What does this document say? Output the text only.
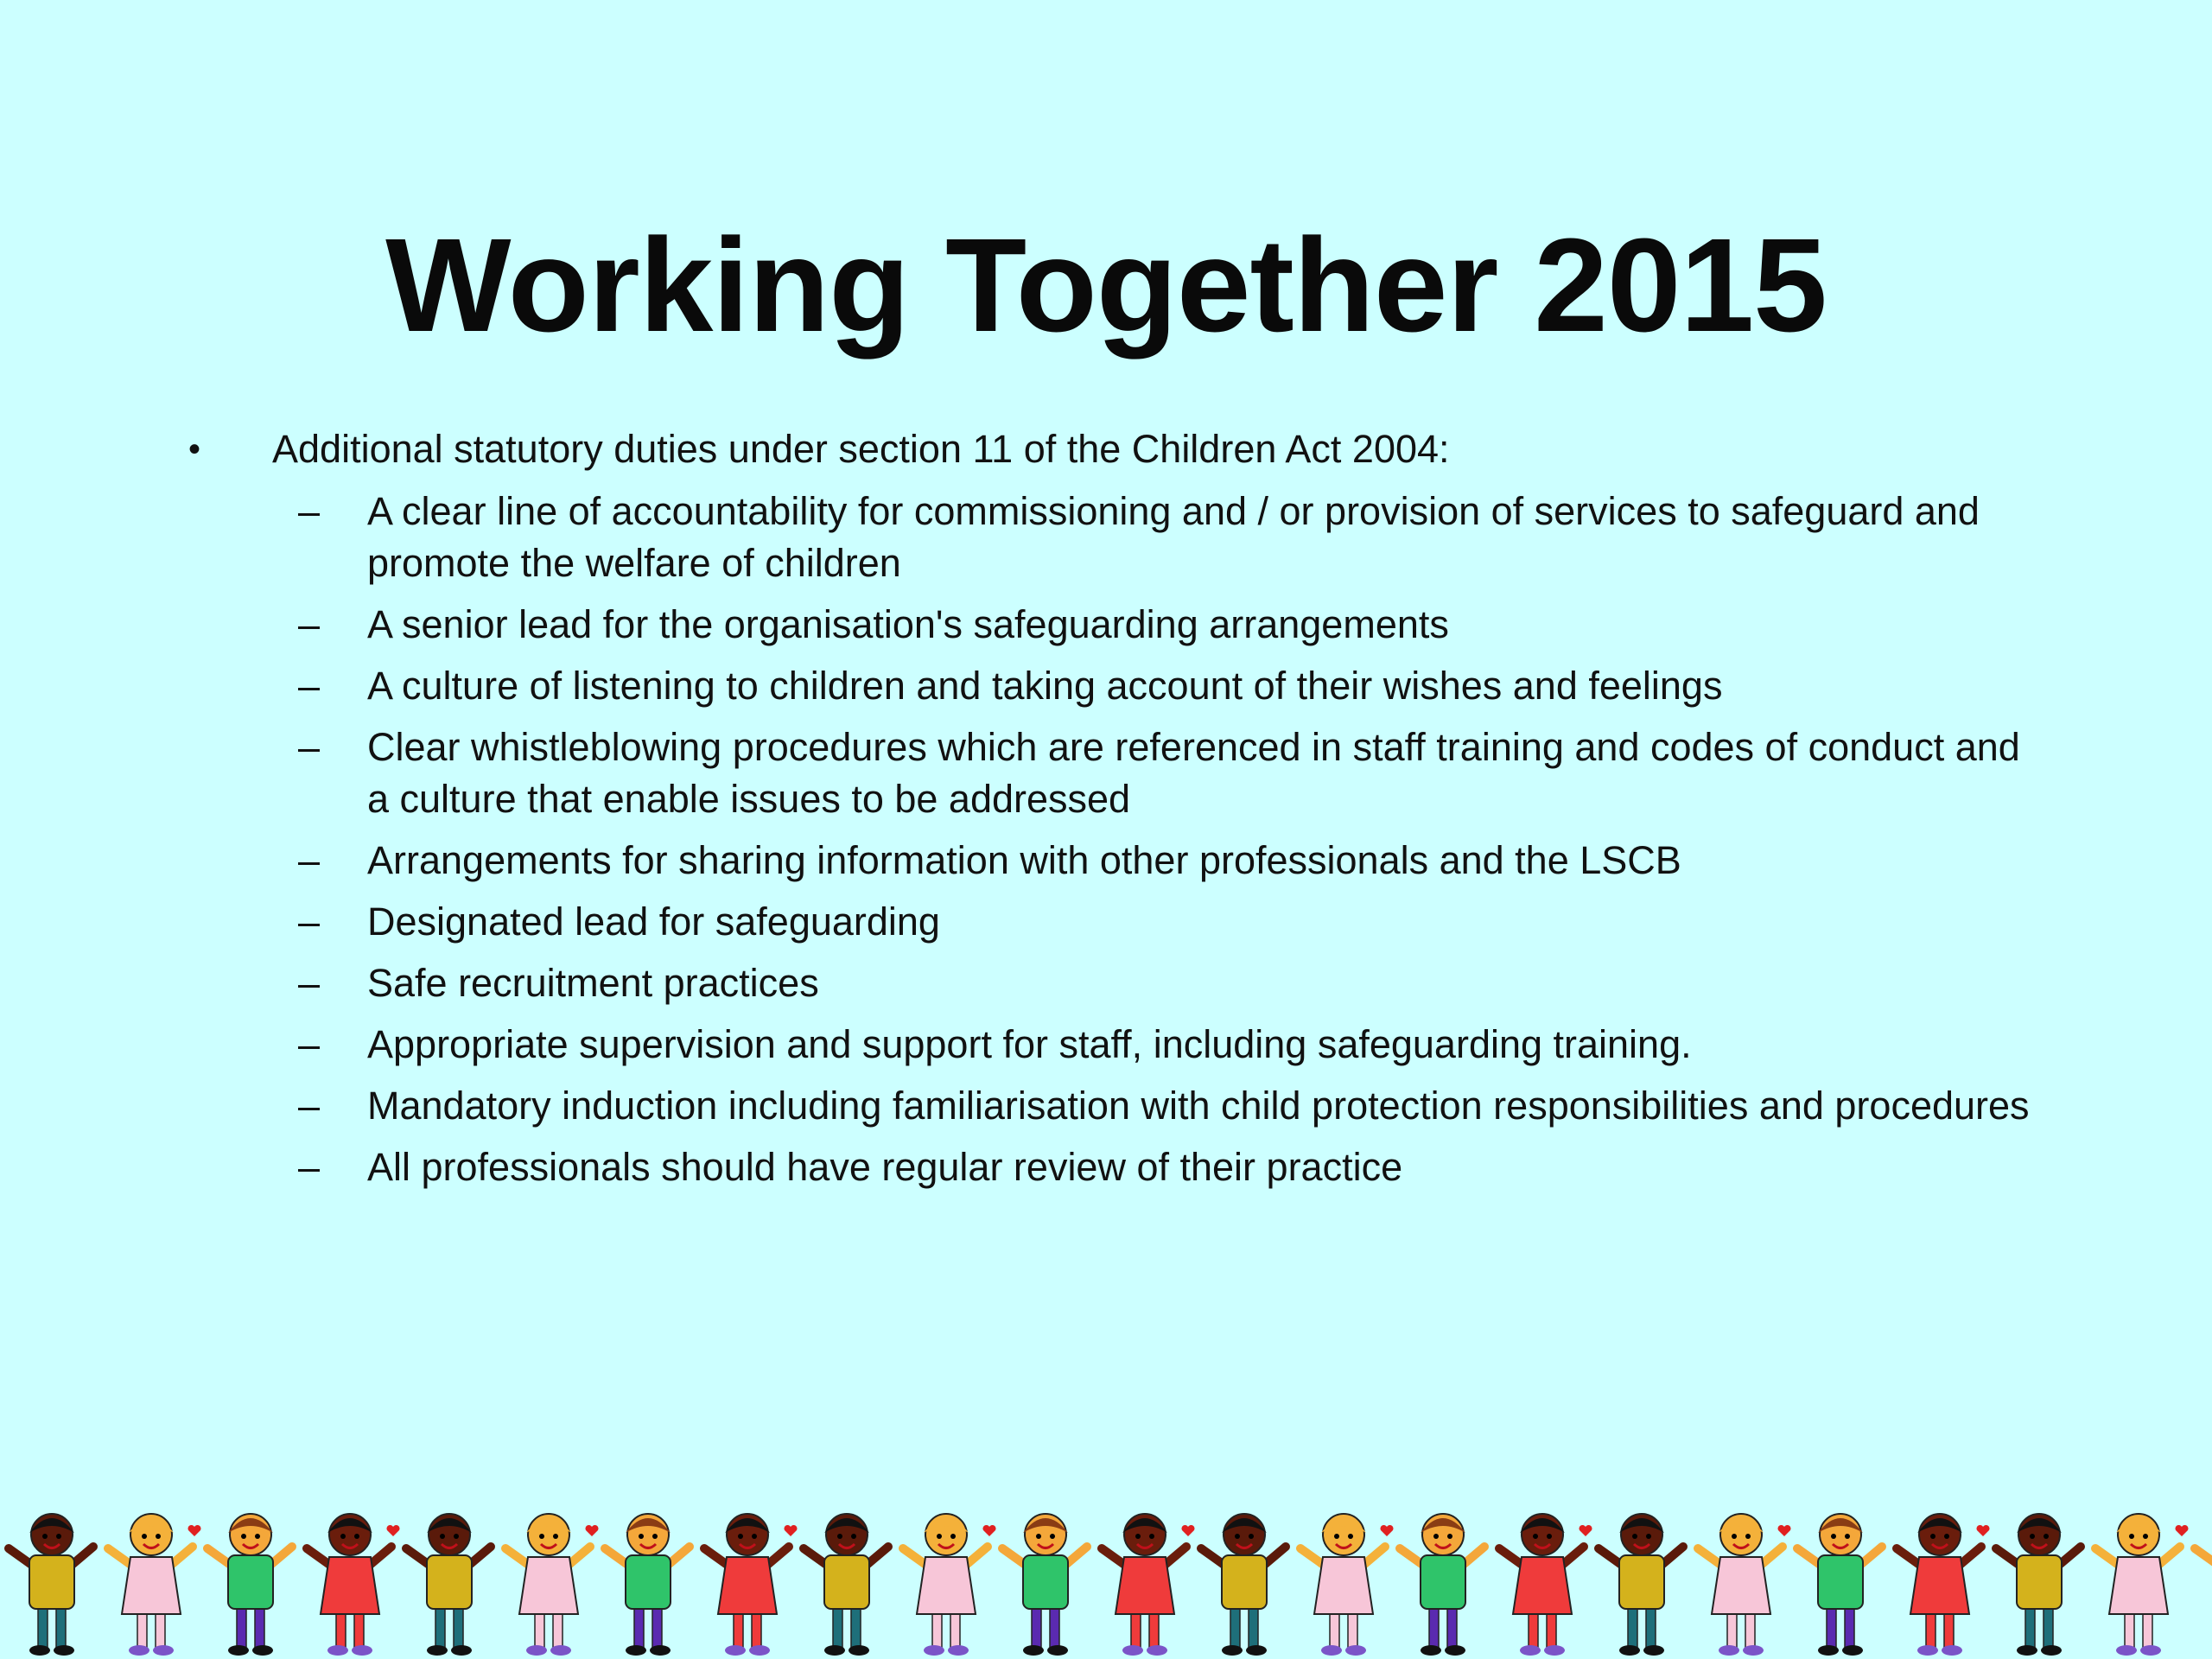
Working Together 2015
• Additional statutory duties under section 11 of the Children Act 2004:
– A clear line of accountability for commissioning and / or provision of services to safeguard and promote the welfare of children
– A senior lead for the organisation's safeguarding arrangements
– A culture of listening to children and taking account of their wishes and feelings
– Clear whistleblowing procedures which are referenced in staff training and codes of conduct and a culture that enable issues to be addressed
– Arrangements for sharing information with other professionals and the LSCB
– Designated lead for safeguarding
– Safe recruitment practices
– Appropriate supervision and support for staff, including safeguarding training.
– Mandatory induction including familiarisation with child protection responsibilities and procedures
– All professionals should have regular review of their practice
